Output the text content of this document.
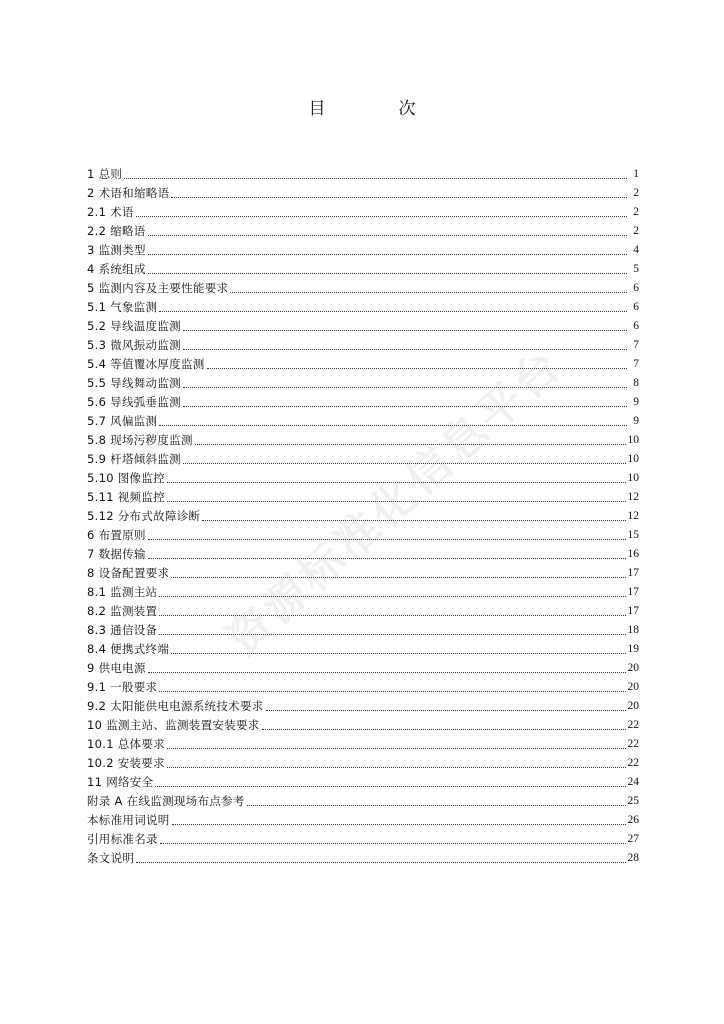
目　次
资源标准化信息平台
1 总则	1
2 术语和缩略语	2
2.1 术语	2
2.2 缩略语	2
3 监测类型	4
4 系统组成	5
5 监测内容及主要性能要求	6
5.1 气象监测	6
5.2 导线温度监测	6
5.3 微风振动监测	7
5.4 等值覆冰厚度监测	7
5.5 导线舞动监测	8
5.6 导线弧垂监测	9
5.7 风偏监测	9
5.8 现场污秽度监测	10
5.9 杆塔倾斜监测	10
5.10 图像监控	10
5.11 视频监控	12
5.12 分布式故障诊断	12
6 布置原则	15
7 数据传输	16
8 设备配置要求	17
8.1 监测主站	17
8.2 监测装置	17
8.3 通信设备	18
8.4 便携式终端	19
9 供电电源	20
9.1 一般要求	20
9.2 太阳能供电电源系统技术要求	20
10 监测主站、监测装置安装要求	22
10.1 总体要求	22
10.2 安装要求	22
11 网络安全	24
附录 A 在线监测现场布点参考	25
本标准用词说明	26
引用标准名录	27
条文说明	28
